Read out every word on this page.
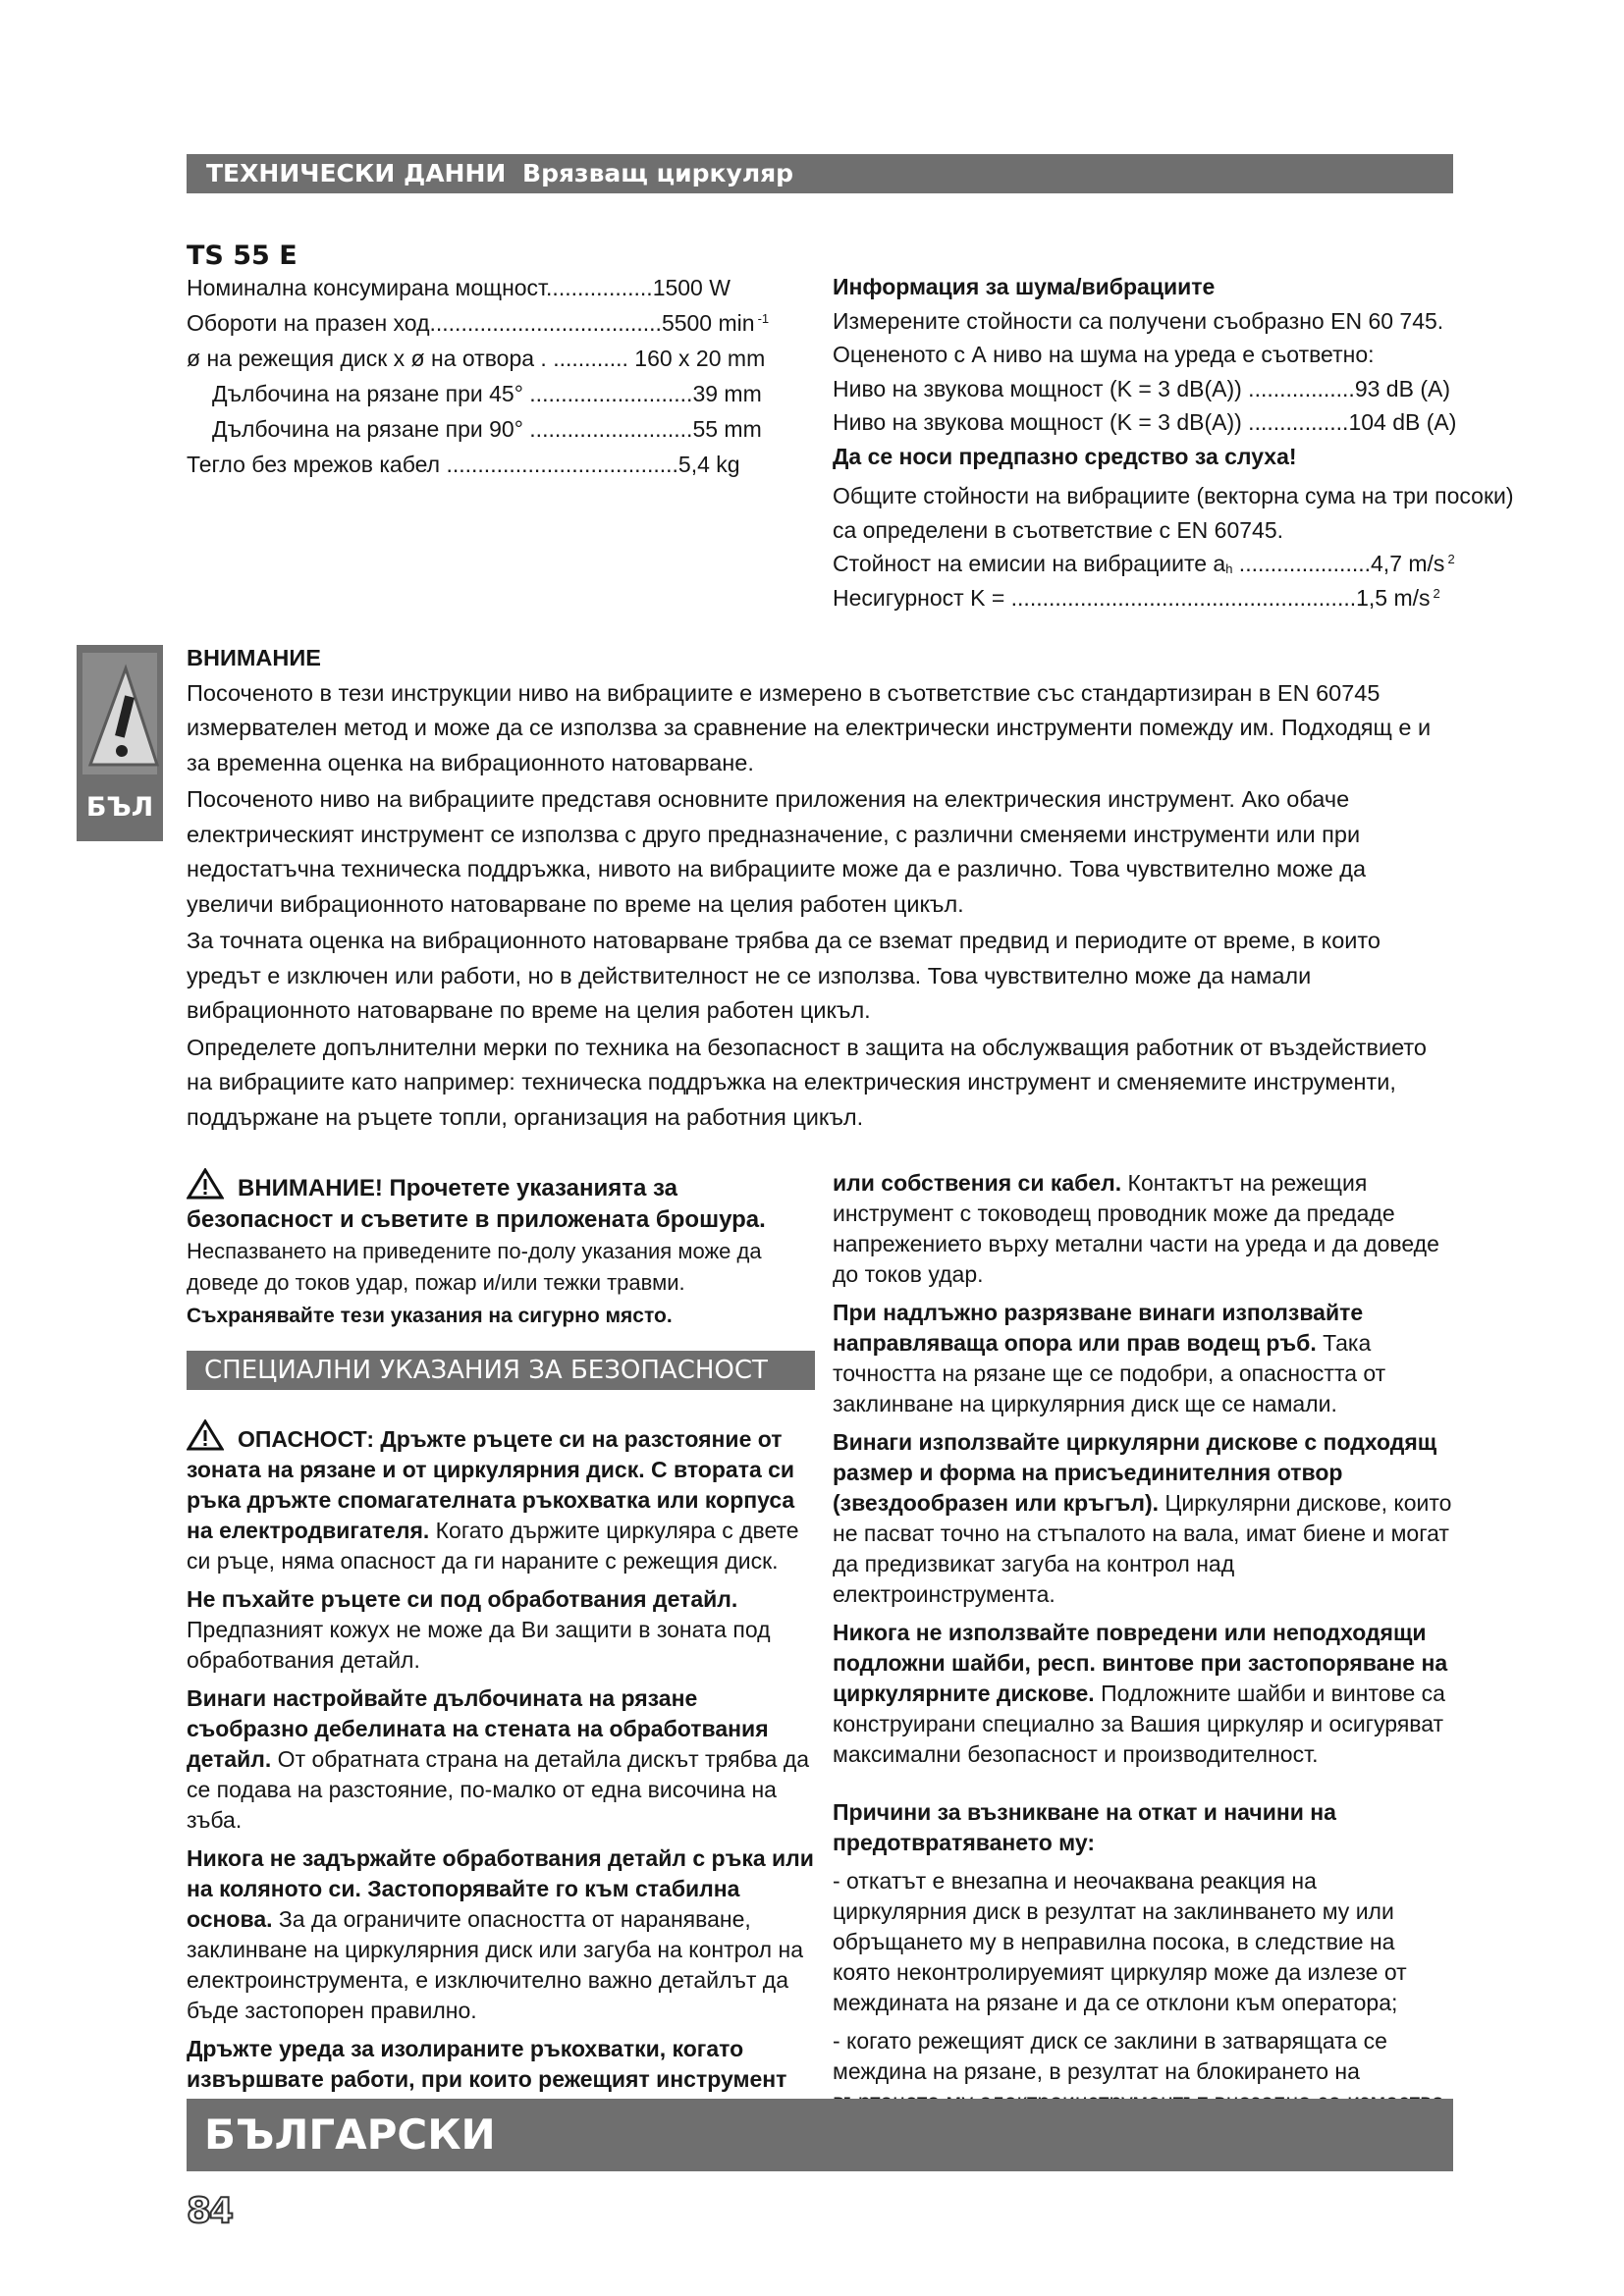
ТЕХНИЧЕСКИ ДАННИ Врязващ циркуляр
TS 55 E
Номинална консумирана мощност.................1500 W
Обороти на празен ход.....................................5500 min $^{-1}$
ø на режещия диск x ø на отвора . ............ 160 x 20 mm
Дълбочина на рязане при 45° ..........................39 mm
Дълбочина на рязане при 90° ..........................55 mm
Тегло без мрежов кабел .....................................5,4 kg
Информация за шума/вибрациите
Измерените стойности са получени съобразно EN 60 745.
Оцененото с А ниво на шума на уреда е съответно:
Ниво на звукова мощност (K = 3 dB(A)) .................93 dB (A)
Ниво на звукова мощност (K = 3 dB(A)) ................104 dB (A)
Да се носи предпазно средство за слуха!
Общите стойности на вибрациите (векторна сума на три посоки)
са определени в съответствие с EN 60745.
Стойност на емисии на вибрациите $a_h$ .....................4,7 m/s $^2$
Несигурност K = .......................................................1,5 m/s $^2$
БЪЛ
ВНИМАНИЕ

Посоченото в тези инструкции ниво на вибрациите е измерено в съответствие със стандартизиран в EN 60745 измервателен метод и може да се използва за сравнение на електрически инструменти помежду им. Подходящ е и за временна оценка на вибрационното натоварване.

Посоченото ниво на вибрациите представя основните приложения на електрическия инструмент. Ако обаче електрическият инструмент се използва с друго предназначение, с различни сменяеми инструменти или при недостатъчна техническа поддръжка, нивото на вибрациите може да е различно. Това чувствително може да увеличи вибрационното натоварване по време на целия работен цикъл.

За точната оценка на вибрационното натоварване трябва да се вземат предвид и периодите от време, в които уредът е изключен или работи, но в действителност не се използва. Това чувствително може да намали вибрационното натоварване по време на целия работен цикъл.

Определете допълнителни мерки по техника на безопасност в защита на обслужващия работник от въздействието на вибрациите като например: техническа поддръжка на електрическия инструмент и сменяемите инструменти, поддържане на ръцете топли, организация на работния цикъл.

ВНИМАНИЕ! Прочетете указанията за безопасност и съветите в приложената брошура. Неспазването на приведените по-долу указания може да доведе до токов удар, пожар и/или тежки травми.

Съхранявайте тези указания на сигурно място.

СПЕЦИАЛНИ УКАЗАНИЯ ЗА БЕЗОПАСНОСТ

ОПАСНОСТ: Дръжте ръцете си на разстояние от зоната на рязане и от циркулярния диск. С втората си ръка дръжте спомагателната ръкохватка или корпуса на електродвигателя. Когато държите циркуляра с двете си ръце, няма опасност да ги нараните с режещия диск.

Не пъхайте ръцете си под обработвания детайл. Предпазният кожух не може да Ви защити в зоната под обработвания детайл.

Винаги настройвайте дълбочината на рязане съобразно дебелината на стената на обработвания детайл. От обратната страна на детайла дискът трябва да се подава на разстояние, по-малко от една височина на зъба.

Никога не задържайте обработвания детайл с ръка или на коляното си. Застопорявайте го към стабилна основа. За да ограничите опасността от нараняване, заклинване на циркулярния диск или загуба на контрол на електроинструмента, е изключително важно детайлът да бъде застопорен правилно.

Дръжте уреда за изолираните ръкохватки, когато извършвате работи, при които режещият инструмент

или собствения си кабел. Контактът на режещия инструмент с тоководещ проводник може да предаде напрежението върху метални части на уреда и да доведе до токов удар.

При надлъжно разрязване винаги използвайте направляваща опора или прав водещ ръб. Така точността на рязане ще се подобри, а опасността от заклинване на циркулярния диск ще се намали.

Винаги използвайте циркулярни дискове с подходящ размер и форма на присъединителния отвор (звездообразен или кръгъл). Циркулярни дискове, които не пасват точно на стъпалото на вала, имат биене и могат да предизвикат загуба на контрол над електроинструмента.

Никога не използвайте повредени или неподходящи подложни шайби, респ. винтове при застопоряване на циркулярните дискове. Подложните шайби и винтове са конструирани специално за Вашия циркуляр и осигуряват максимални безопасност и производителност.

Причини за възникване на откат и начини на предотвратяването му:

- откатът е внезапна и неочаквана реакция на циркулярния диск в резултат на заклинването му или обръщането му в неправилна посока, в следствие на която неконтролируемият циркуляр може да излезе от междината на рязане и да се отклони към оператора;

- когато режещият диск се заклини в затварящата се междина на рязане, в резултат на блокирането на

БЪЛГАРСКИ
84
